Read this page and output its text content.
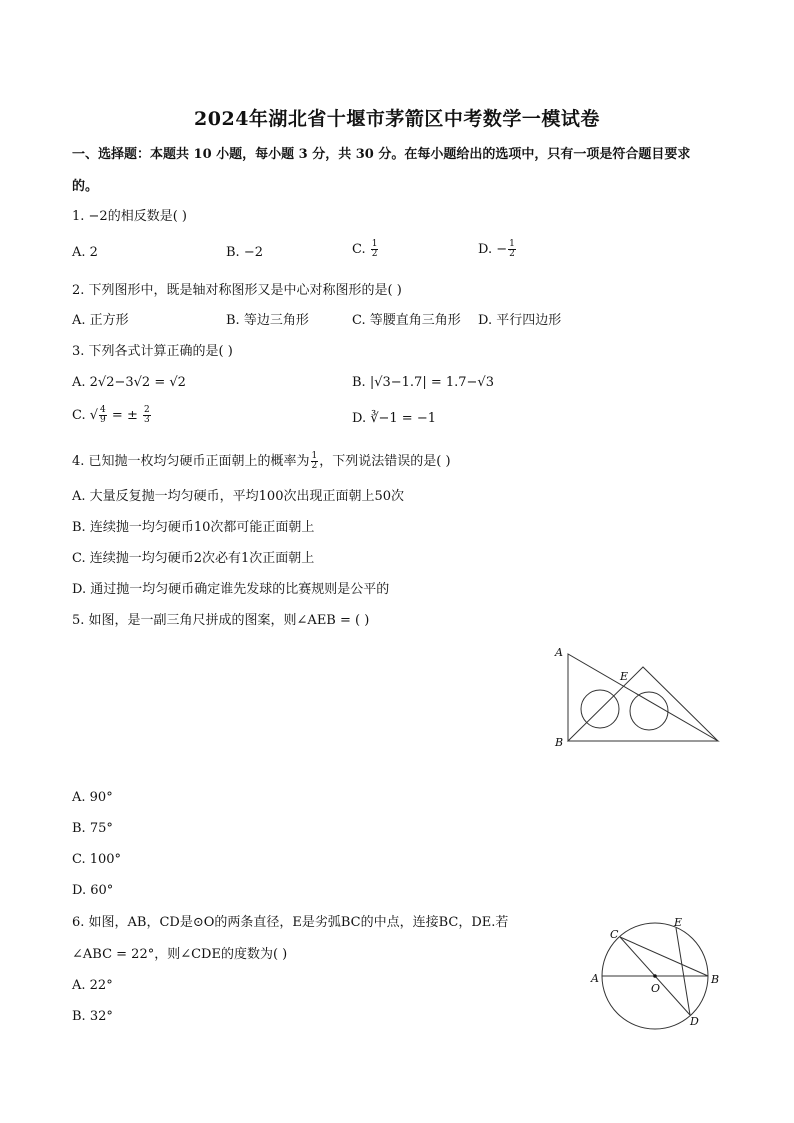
2024年湖北省十堰市茅箭区中考数学一模试卷
一、选择题：本题共 10 小题，每小题 3 分，共 30 分。在每小题给出的选项中，只有一项是符合题目要求
的。
1. −2的相反数是( )
A. 2	B. −2	C. $\frac{1}{2}$	D. − $\frac{1}{2}$
2. 下列图形中，既是轴对称图形又是中心对称图形的是( )
A. 正方形	B. 等边三角形	C. 等腰直角三角形 D. 平行四边形
3. 下列各式计算正确的是( )
A. 2√2−3√2 = √2	B. |√3−1.7| = 1.7−√3
C. √ $\frac{4}{9}$ = ± $\frac{2}{3}$	D. ∛−1 = −1
4. 已知抛一枚均匀硬币正面朝上的概率为 $\frac{1}{2}$ ，下列说法错误的是( )
A. 大量反复抛一均匀硬币，平均100次出现正面朝上50次
B. 连续抛一均匀硬币10次都可能正面朝上
C. 连续抛一均匀硬币2次必有1次正面朝上
D. 通过抛一均匀硬币确定谁先发球的比赛规则是公平的
5. 如图，是一副三角尺拼成的图案，则∠AEB = ( )
A
B
E
A. 90°
B. 75°
C. 100°
D. 60°
6. 如图，AB，CD是⊙O的两条直径，E是劣弧BC的中点，连接BC，DE.若
∠ABC = 22°，则∠CDE的度数为( )
A. 22°
B. 32°
C
E
A	B
O
D
